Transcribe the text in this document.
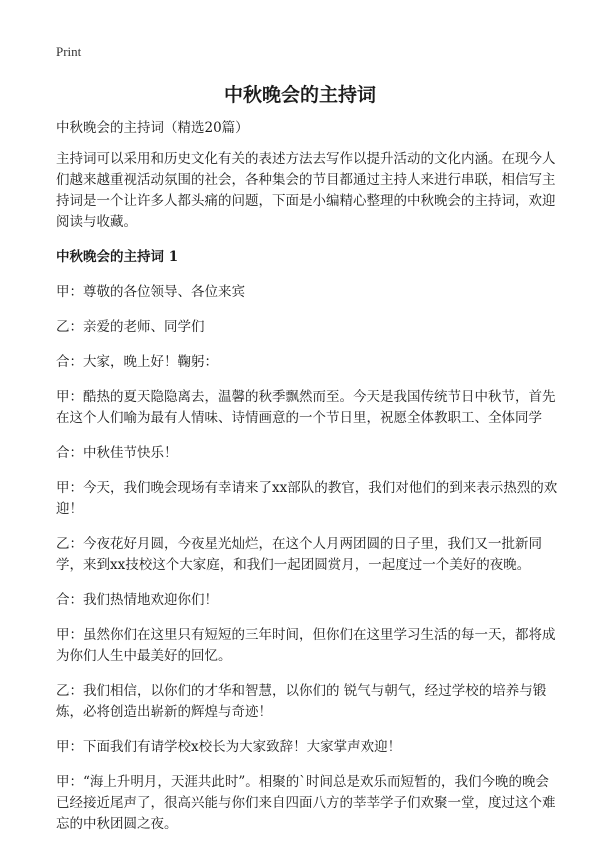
Print
中秋晚会的主持词

中秋晚会的主持词（精选20篇）

主持词可以采用和历史文化有关的表述方法去写作以提升活动的文化内涵。在现今人们越来越重视活动氛围的社会，各种集会的节目都通过主持人来进行串联，相信写主持词是一个让许多人都头痛的问题，下面是小编精心整理的中秋晚会的主持词，欢迎阅读与收藏。

中秋晚会的主持词 1

甲：尊敬的各位领导、各位来宾

乙：亲爱的老师、同学们

合：大家，晚上好！鞠躬：

甲：酷热的夏天隐隐离去，温馨的秋季飘然而至。今天是我国传统节日中秋节，首先在这个人们喻为最有人情味、诗情画意的一个节日里，祝愿全体教职工、全体同学

合：中秋佳节快乐！

甲：今天，我们晚会现场有幸请来了xx部队的教官，我们对他们的到来表示热烈的欢迎！

乙：今夜花好月圆，今夜星光灿烂，在这个人月两团圆的日子里，我们又一批新同学，来到xx技校这个大家庭，和我们一起团圆赏月，一起度过一个美好的夜晚。

合：我们热情地欢迎你们！

甲：虽然你们在这里只有短短的三年时间，但你们在这里学习生活的每一天，都将成为你们人生中最美好的回忆。

乙：我们相信，以你们的才华和智慧，以你们的 锐气与朝气，经过学校的培养与锻炼，必将创造出崭新的辉煌与奇迹！

甲：下面我们有请学校x校长为大家致辞！大家掌声欢迎！

甲：“海上升明月，天涯共此时”。相聚的`时间总是欢乐而短暂的，我们今晚的晚会已经接近尾声了，很高兴能与你们来自四面八方的莘莘学子们欢聚一堂，度过这个难忘的中秋团圆之夜。
